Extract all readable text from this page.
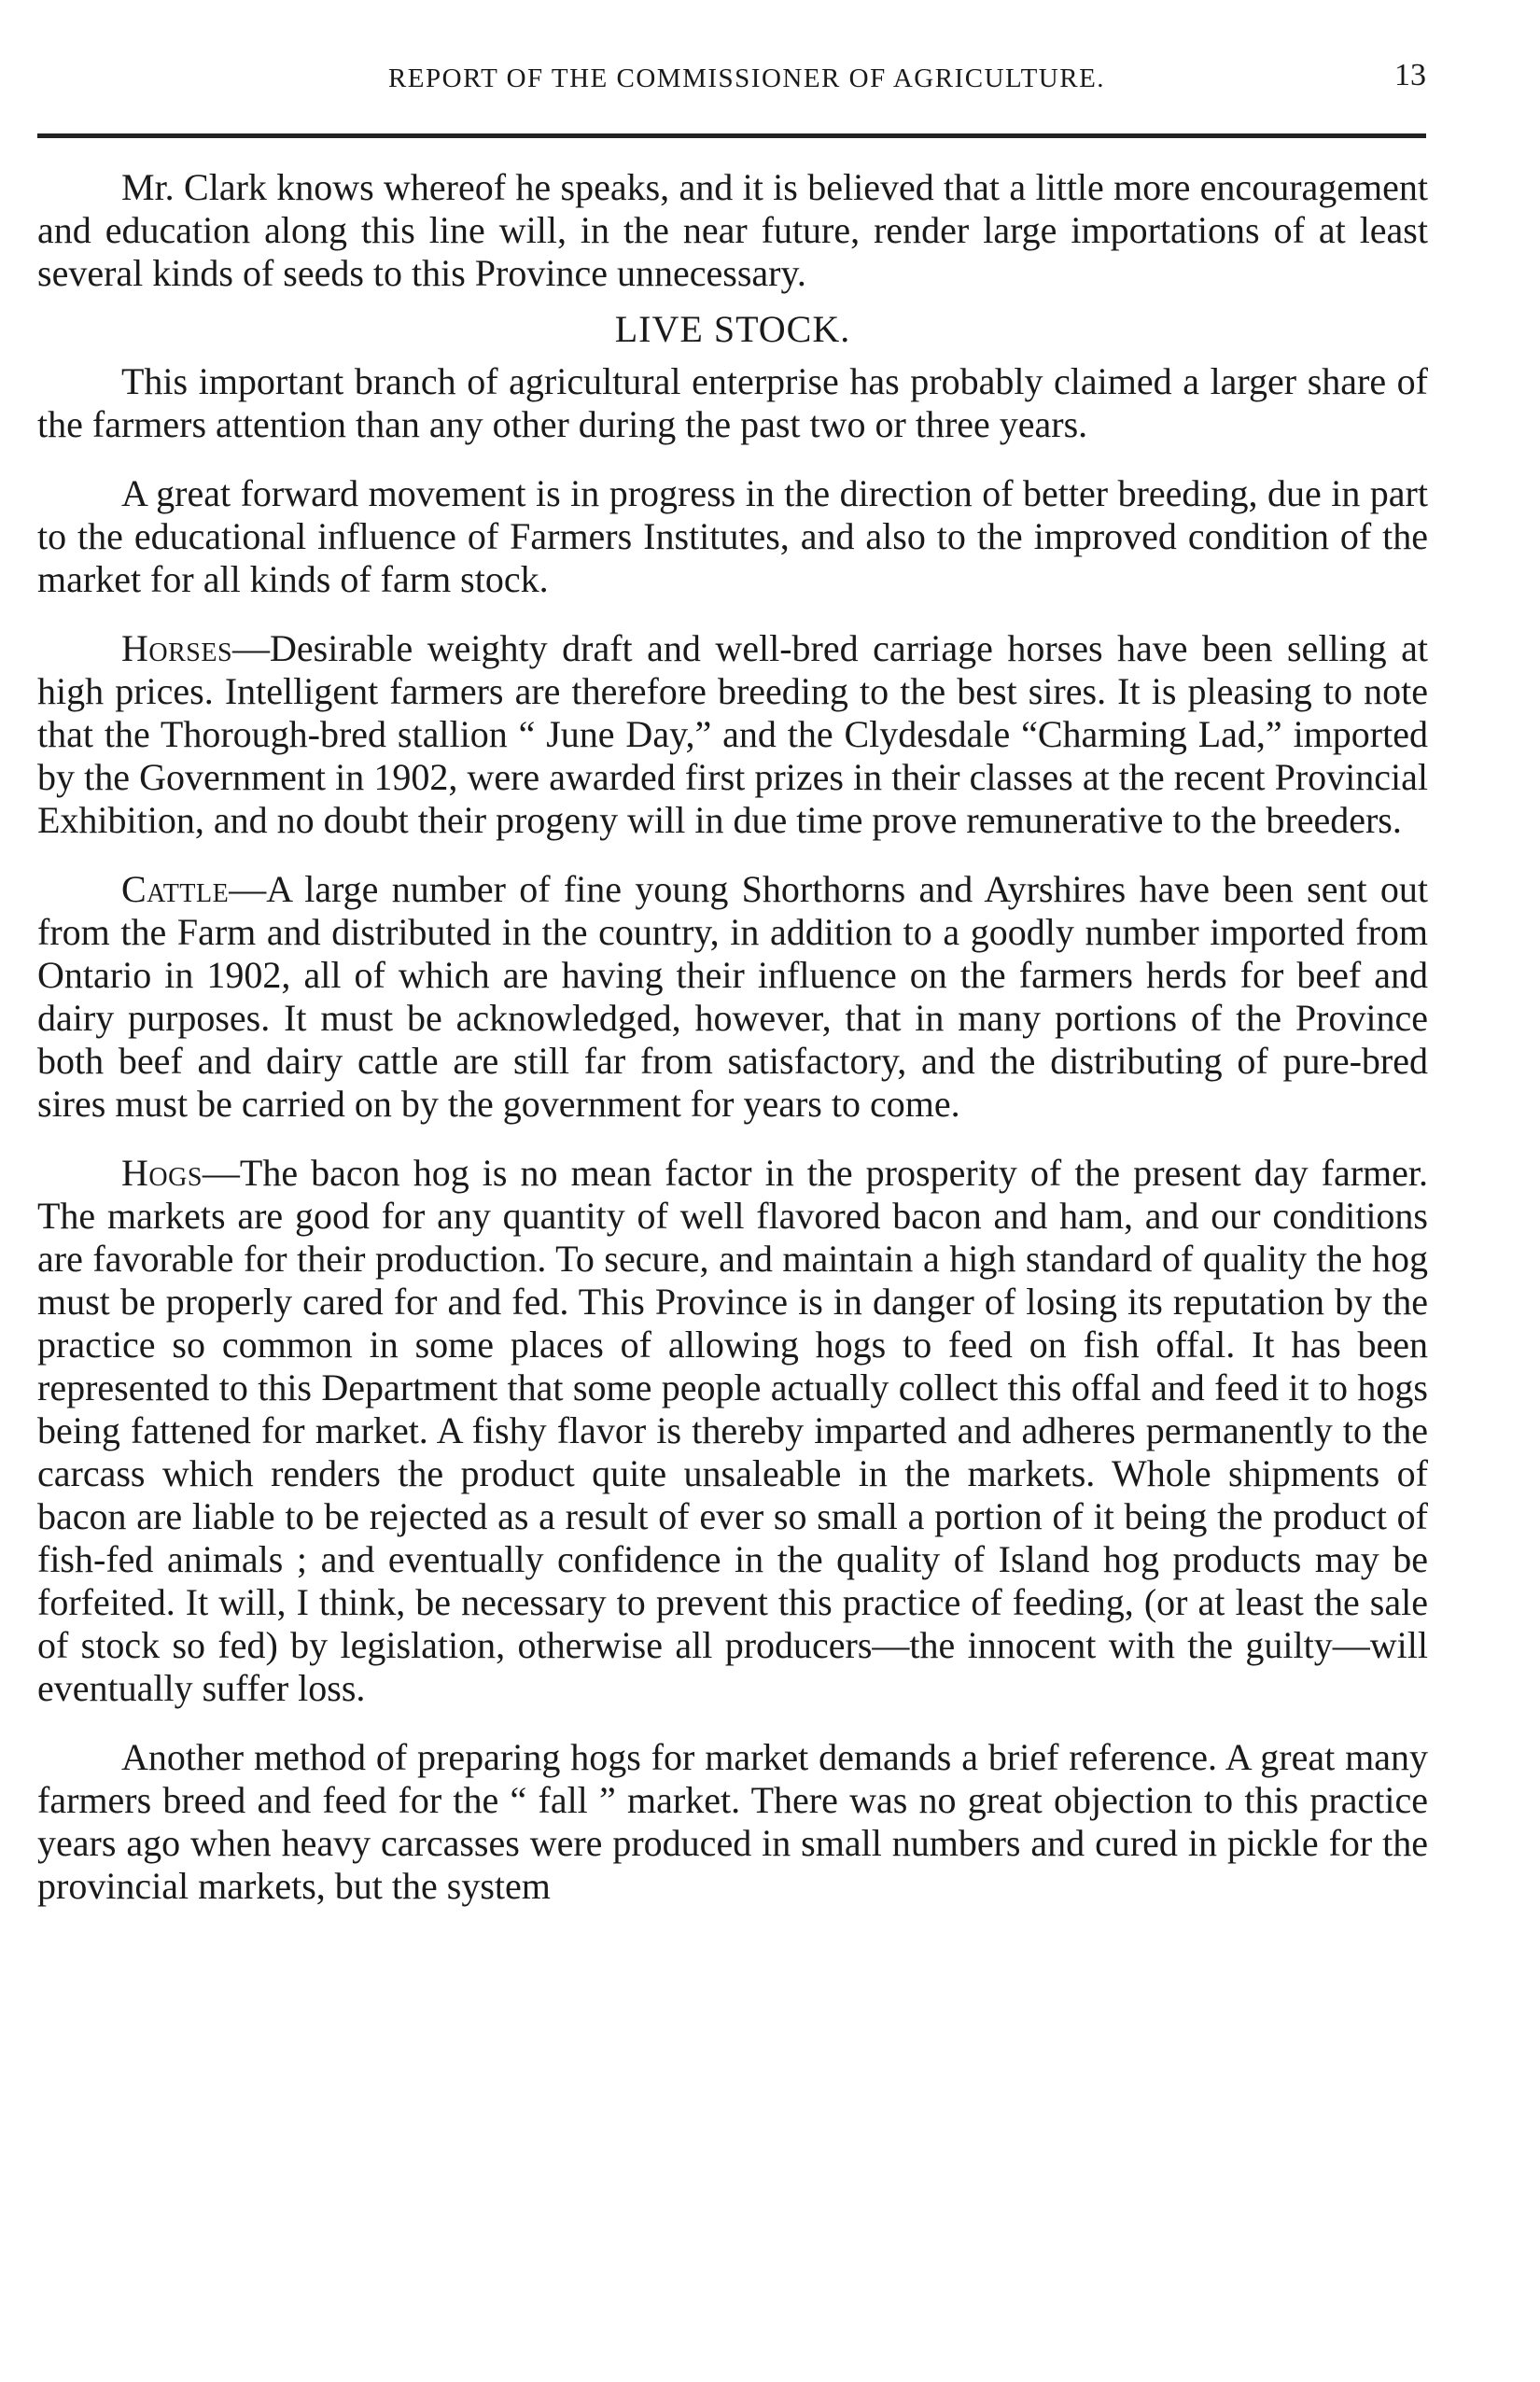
REPORT OF THE COMMISSIONER OF AGRICULTURE.	13

Mr. Clark knows whereof he speaks, and it is believed that a little more encouragement and education along this line will, in the near future, render large importations of at least several kinds of seeds to this Province unnecessary.

LIVE STOCK.

This important branch of agricultural enterprise has probably claimed a larger share of the farmers attention than any other during the past two or three years.

A great forward movement is in progress in the direction of better breeding, due in part to the educational influence of Farmers Institutes, and also to the improved condition of the market for all kinds of farm stock.

Horses—Desirable weighty draft and well-bred carriage horses have been selling at high prices. Intelligent farmers are therefore breeding to the best sires. It is pleasing to note that the Thorough-bred stallion “ June Day,” and the Clydesdale “Charming Lad,” imported by the Government in 1902, were awarded first prizes in their classes at the recent Provincial Exhibition, and no doubt their progeny will in due time prove remunerative to the breeders.

Cattle—A large number of fine young Shorthorns and Ayrshires have been sent out from the Farm and distributed in the country, in addition to a goodly number imported from Ontario in 1902, all of which are having their influence on the farmers herds for beef and dairy purposes. It must be acknowledged, however, that in many portions of the Province both beef and dairy cattle are still far from satisfactory, and the distributing of pure-bred sires must be carried on by the government for years to come.

Hogs—The bacon hog is no mean factor in the prosperity of the present day farmer. The markets are good for any quantity of well flavored bacon and ham, and our conditions are favorable for their production. To secure, and maintain a high standard of quality the hog must be properly cared for and fed. This Province is in danger of losing its reputation by the practice so common in some places of allowing hogs to feed on fish offal. It has been represented to this Department that some people actually collect this offal and feed it to hogs being fattened for market. A fishy flavor is thereby imparted and adheres permanently to the carcass which renders the product quite unsaleable in the markets. Whole shipments of bacon are liable to be rejected as a result of ever so small a portion of it being the product of fish-fed animals ; and eventually confidence in the quality of Island hog products may be forfeited. It will, I think, be necessary to prevent this practice of feeding, (or at least the sale of stock so fed) by legislation, otherwise all producers—the innocent with the guilty—will eventually suffer loss.

Another method of preparing hogs for market demands a brief reference. A great many farmers breed and feed for the “ fall ” market. There was no great objection to this practice years ago when heavy carcasses were produced in small numbers and cured in pickle for the provincial markets, but the system
